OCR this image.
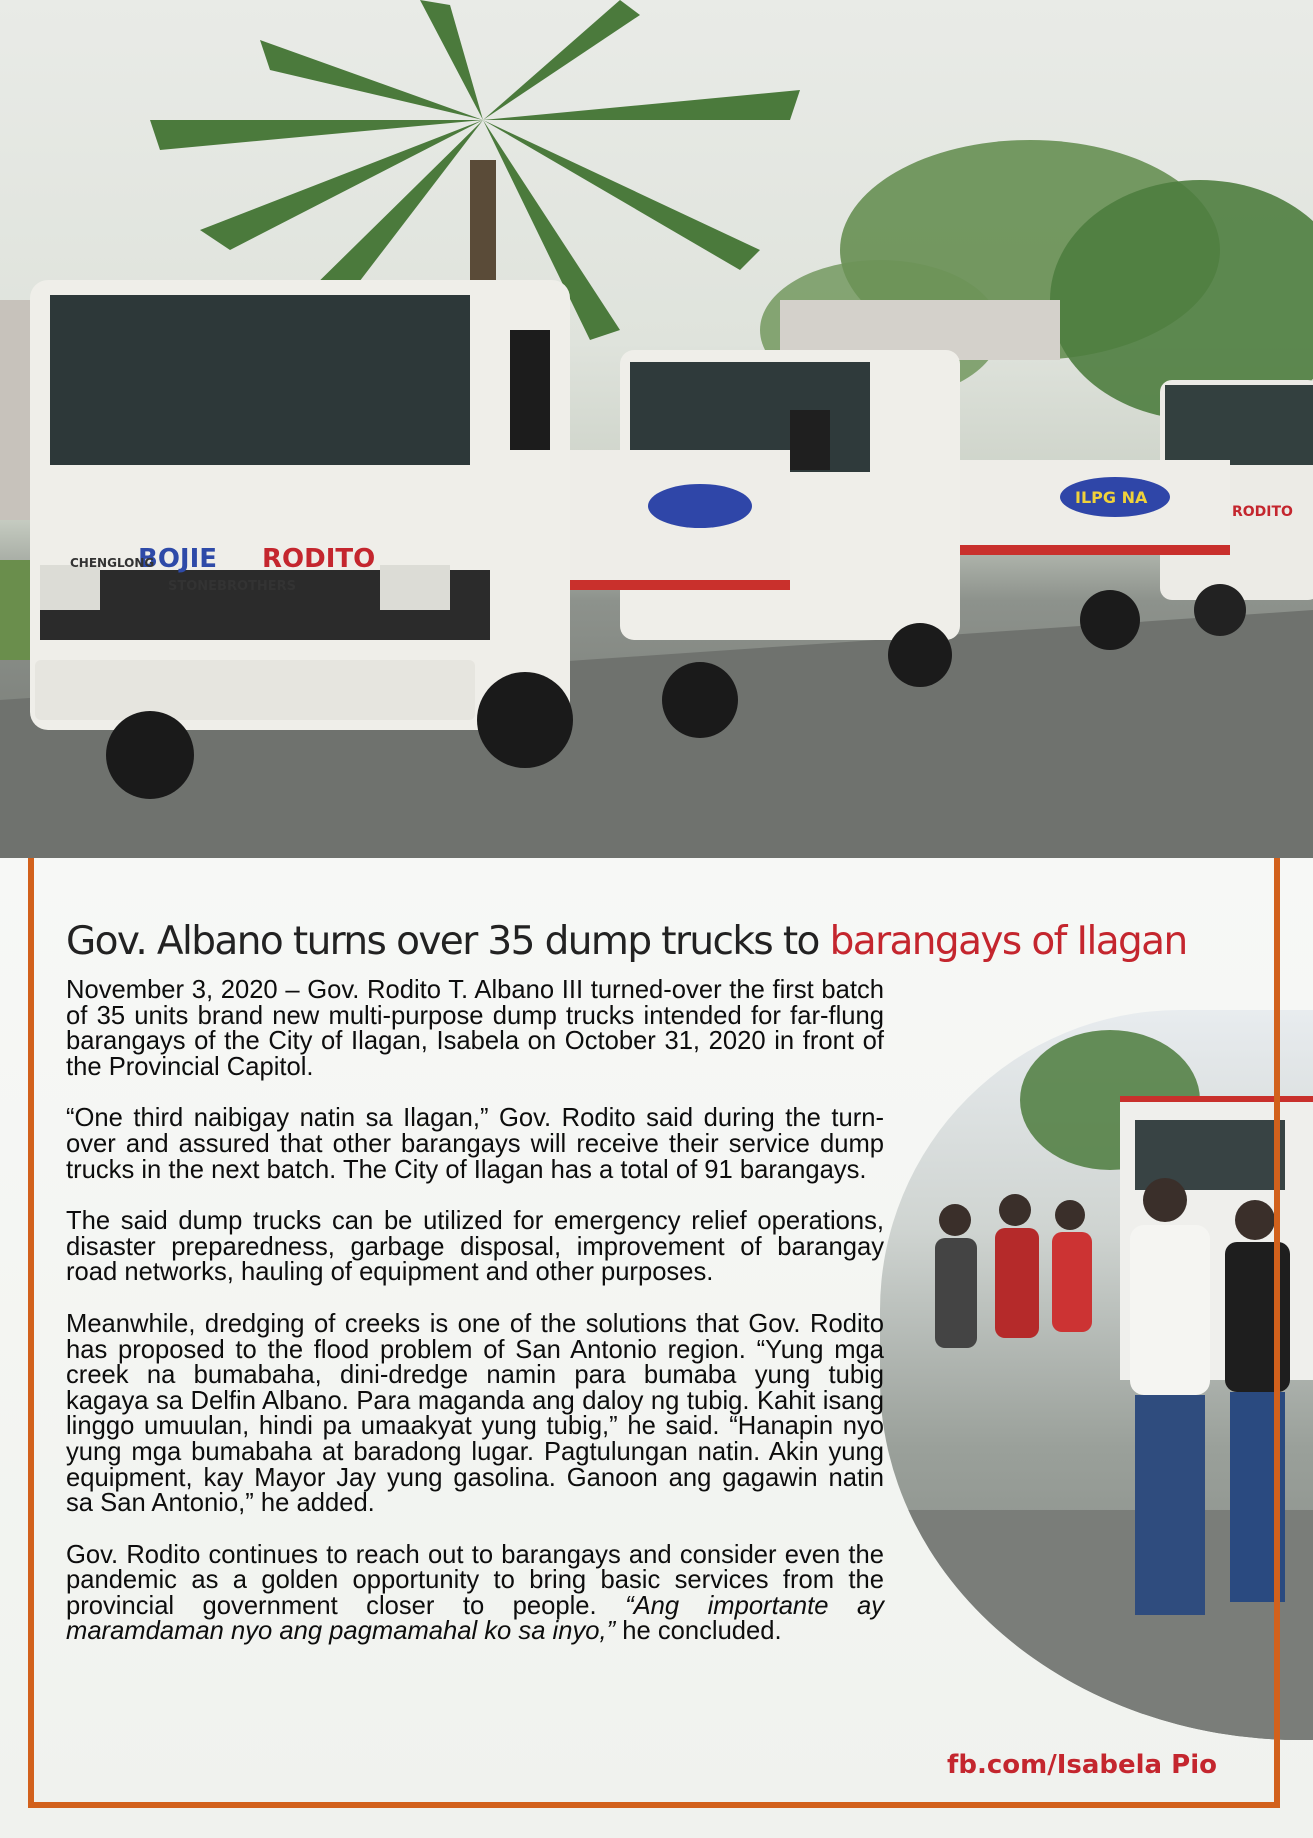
RODITO
ILPG NA
BOJIE RODITO
STONEBROTHERS
CHENGLONG
Gov. Albano turns over 35 dump trucks to barangays of Ilagan

November 3, 2020 – Gov. Rodito T. Albano III turned-over the first batch of 35 units brand new multi-purpose dump trucks intended for far-flung barangays of the City of Ilagan, Isabela on October 31, 2020 in front of the Provincial Capitol.

“One third naibigay natin sa Ilagan,” Gov. Rodito said during the turn-over and assured that other barangays will receive their service dump trucks in the next batch. The City of Ilagan has a total of 91 barangays.

The said dump trucks can be utilized for emergency relief operations, disaster preparedness, garbage disposal, improvement of barangay road networks, hauling of equipment and other purposes.

Meanwhile, dredging of creeks is one of the solutions that Gov. Rodito has proposed to the flood problem of San Antonio region. “Yung mga creek na bumabaha, dini-dredge namin para bumaba yung tubig kagaya sa Delfin Albano. Para maganda ang daloy ng tubig. Kahit isang linggo umuulan, hindi pa umaakyat yung tubig,” he said. “Hanapin nyo yung mga bumabaha at baradong lugar. Pagtulungan natin. Akin yung equipment, kay Mayor Jay yung gasolina. Ganoon ang gagawin natin sa San Antonio,” he added.

Gov. Rodito continues to reach out to barangays and consider even the pandemic as a golden opportunity to bring basic services from the provincial government closer to people. “Ang importante ay maramdaman nyo ang pagmamahal ko sa inyo,” he concluded.

fb.com/Isabela Pio
